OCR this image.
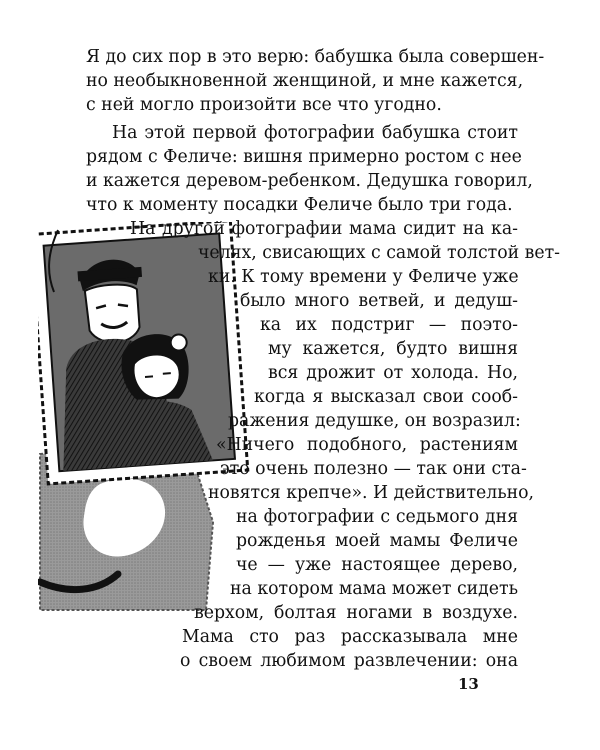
Я до сих пор в это верю: бабушка была совершен-
но необыкновенной женщиной, и мне кажется,
с ней могло произойти все что угодно.
На этой первой фотографии бабушка стоит
рядом с Феличе: вишня примерно ростом с нее
и кажется деревом-ребенком. Дедушка говорил,
что к моменту посадки Феличе было три года.
На другой фотографии мама сидит на ка-
челях, свисающих с самой толстой вет-
ки. К тому времени у Феличе уже
было много ветвей, и дедуш-
ка их подстриг — поэто-
му кажется, будто вишня
вся дрожит от холода. Но,
когда я высказал свои сооб-
ражения дедушке, он возразил:
«Ничего подобного, растениям
это очень полезно — так они ста-
новятся крепче». И действительно,
на фотографии с седьмого дня
рожденья моей мамы Феличе
че — уже настоящее дерево,
на котором мама может сидеть
верхом, болтая ногами в воздухе.
Мама сто раз рассказывала мне
о своем любимом развлечении: она
13
